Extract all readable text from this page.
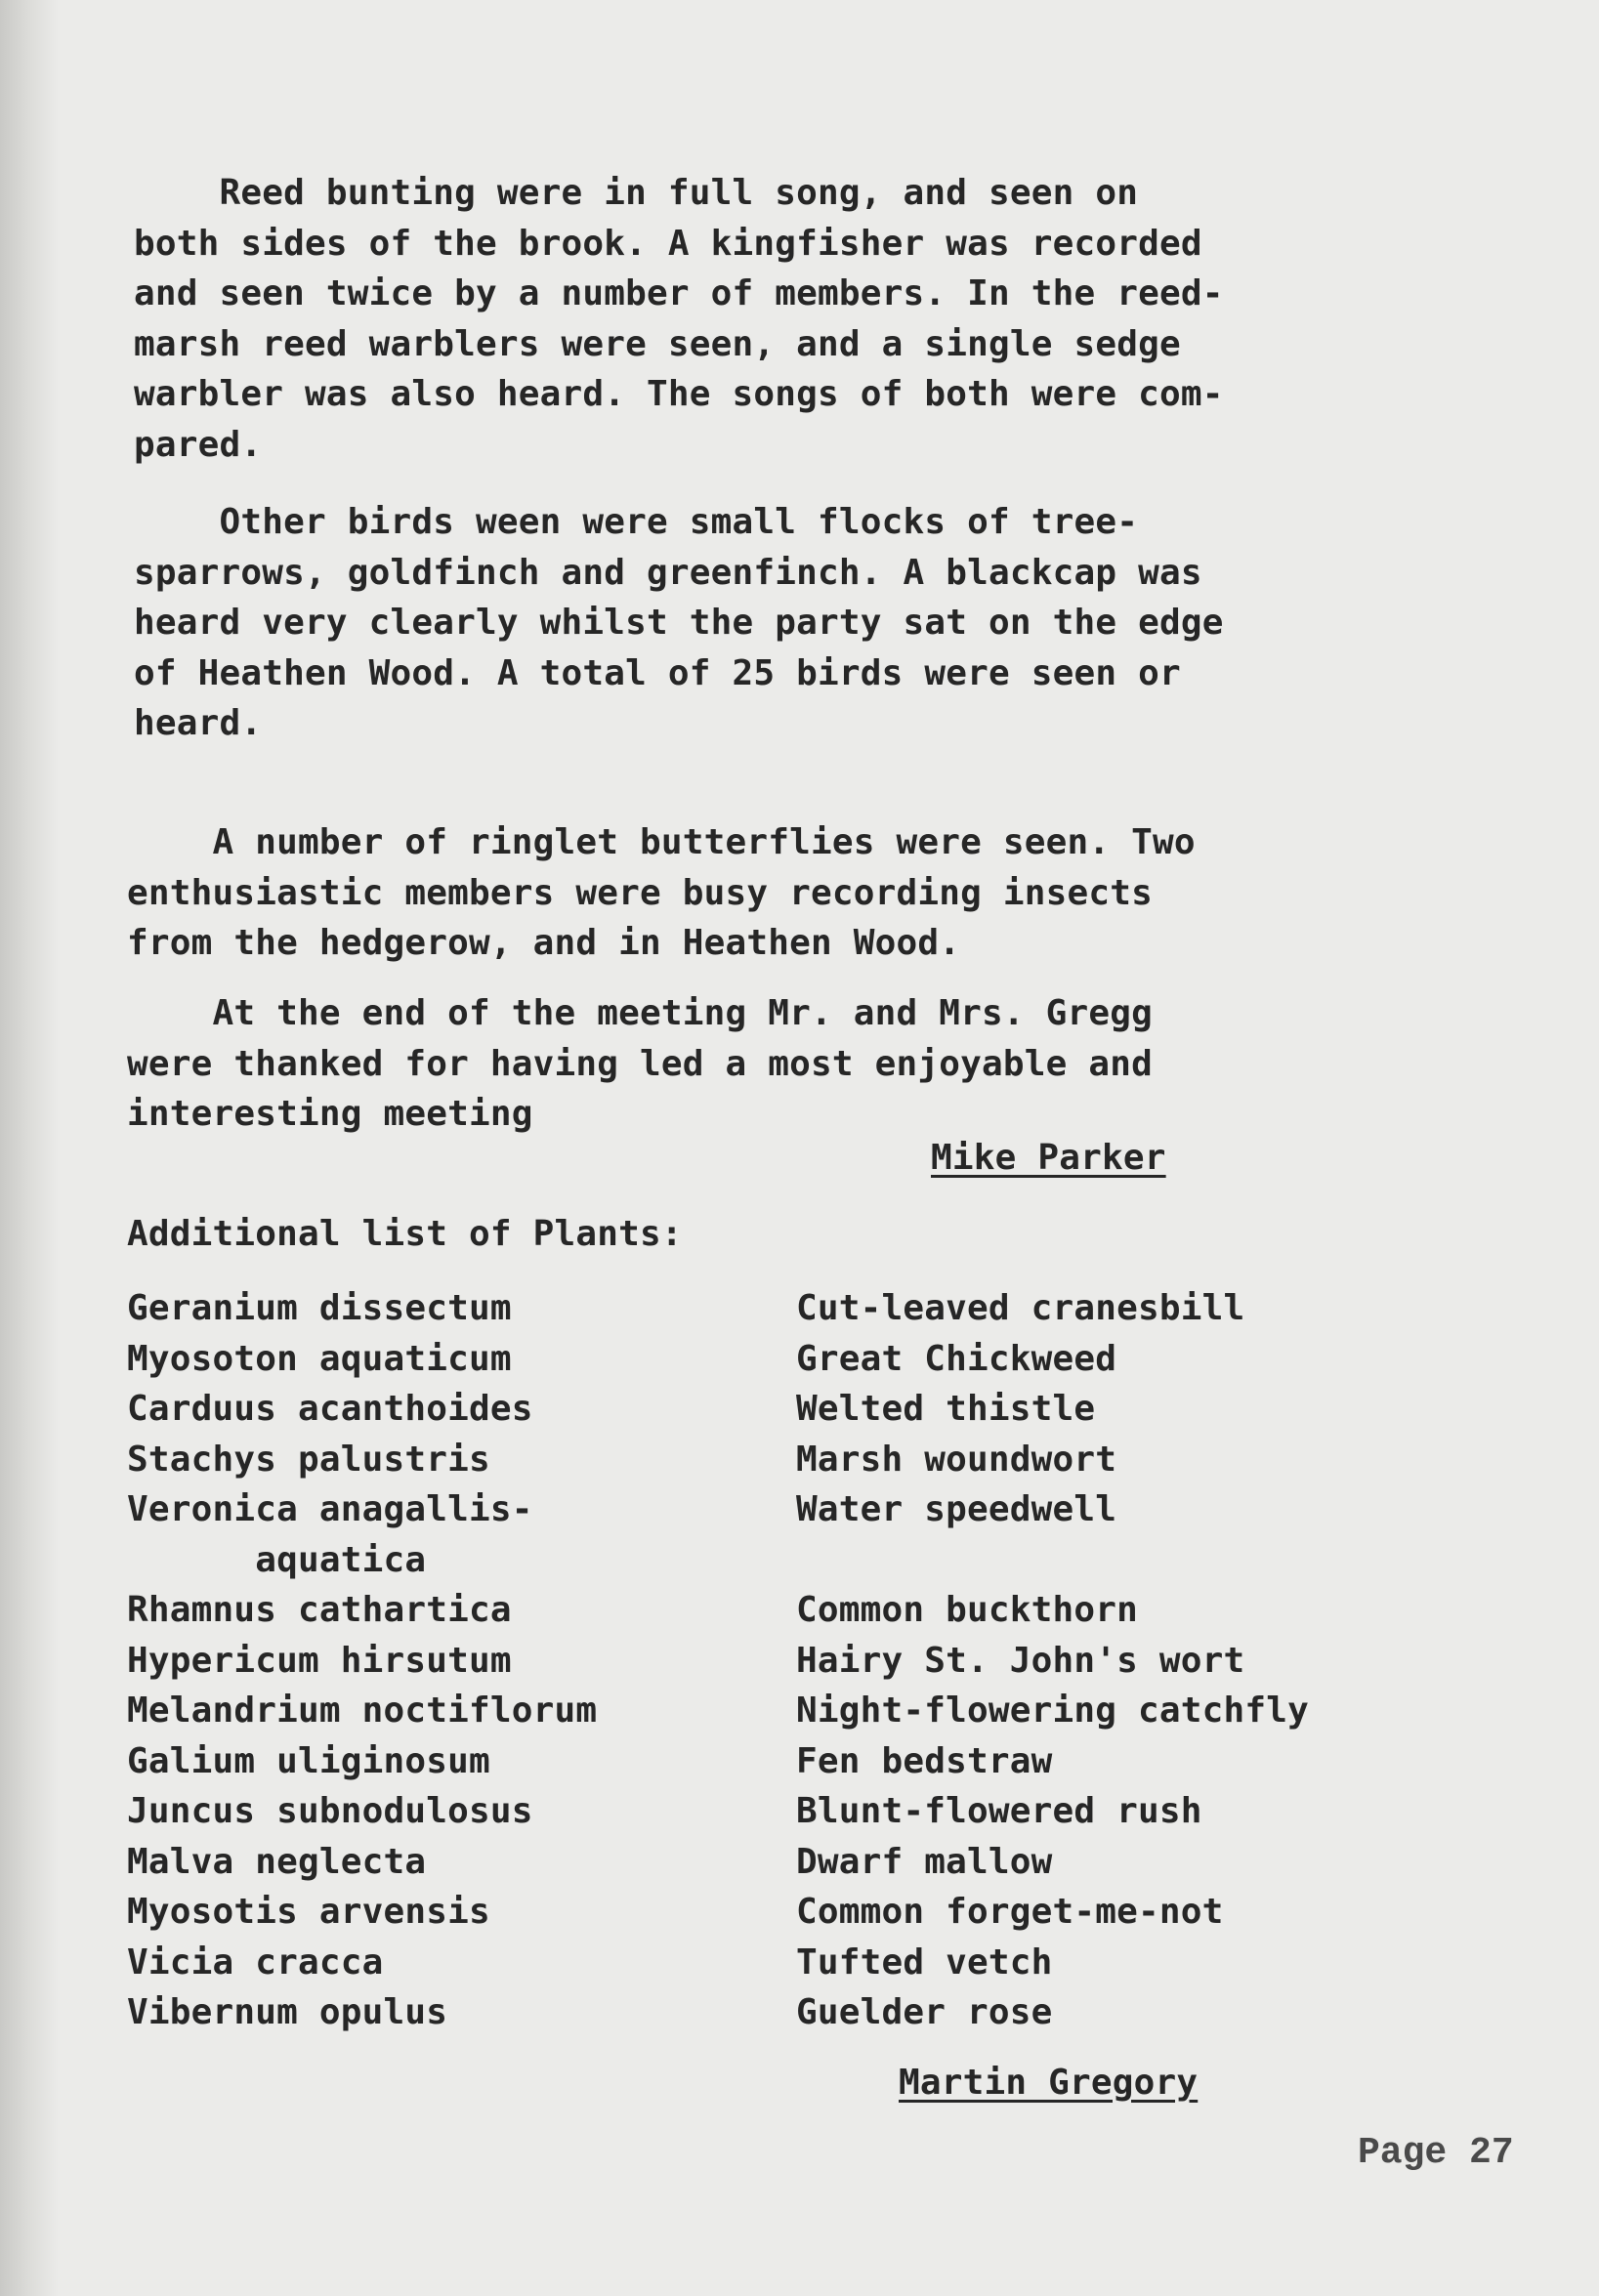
Reed bunting were in full song, and seen on
both sides of the brook. A kingfisher was recorded
and seen twice by a number of members. In the reed-
marsh reed warblers were seen, and a single sedge
warbler was also heard. The songs of both were com-
pared.
Other birds ween were small flocks of tree-
sparrows, goldfinch and greenfinch. A blackcap was
heard very clearly whilst the party sat on the edge
of Heathen Wood. A total of 25 birds were seen or
heard.
A number of ringlet butterflies were seen. Two
enthusiastic members were busy recording insects
from the hedgerow, and in Heathen Wood.
At the end of the meeting Mr. and Mrs. Gregg
were thanked for having led a most enjoyable and
interesting meeting
Mike Parker
Additional list of Plants:
Geranium dissectum
Myosoton aquaticum
Carduus acanthoides
Stachys palustris
Veronica anagallis-
aquatica
Rhamnus cathartica
Hypericum hirsutum
Melandrium noctiflorum
Galium uliginosum
Juncus subnodulosus
Malva neglecta
Myosotis arvensis
Vicia cracca
Vibernum opulus
Cut-leaved cranesbill
Great Chickweed
Welted thistle
Marsh woundwort
Water speedwell

Common buckthorn
Hairy St. John's wort
Night-flowering catchfly
Fen bedstraw
Blunt-flowered rush
Dwarf mallow
Common forget-me-not
Tufted vetch
Guelder rose
Martin Gregory
Page 27
